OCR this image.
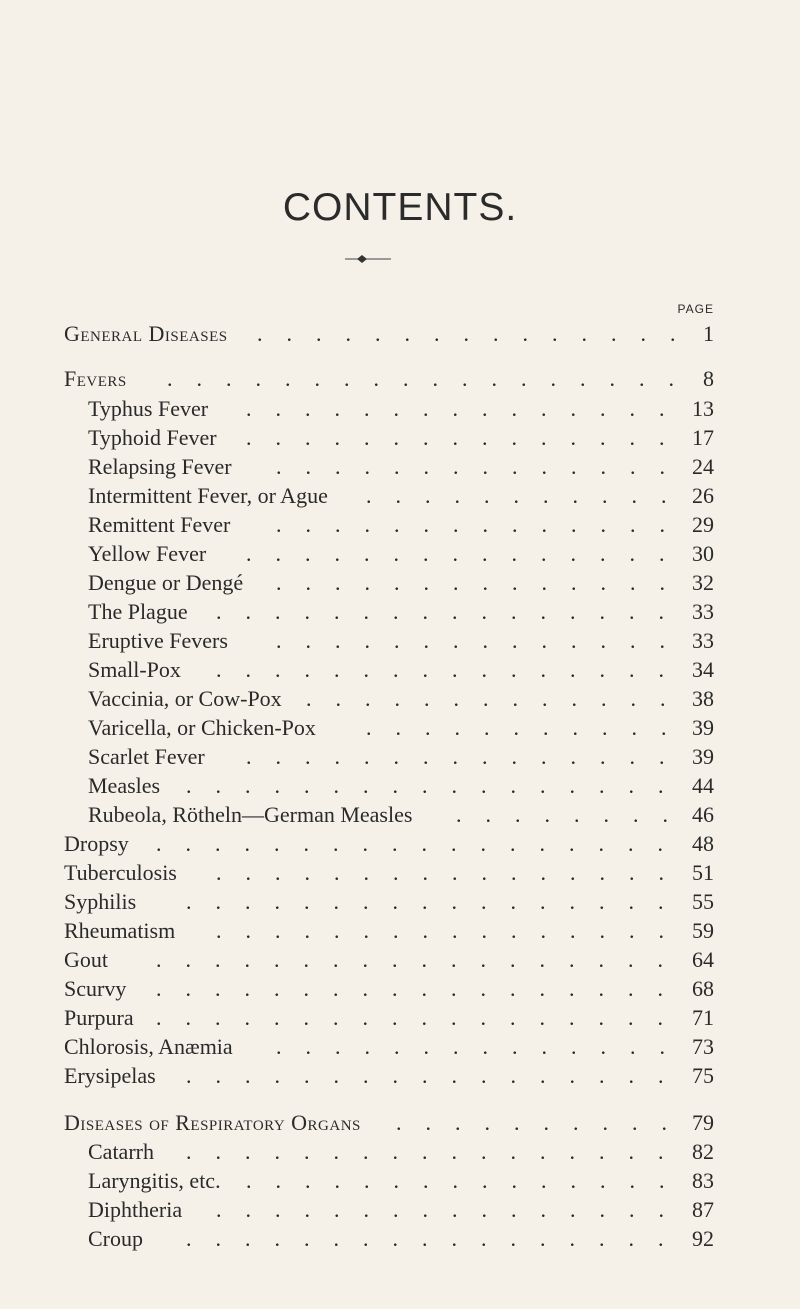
CONTENTS.
PAGE
General Diseases	1
...............
Fevers	8
..................
Typhus Fever	13
...............
Typhoid Fever	17
...............
Relapsing Fever	24
..............
Intermittent Fever, or Ague	26
...........
Remittent Fever	29
..............
Yellow Fever	30
...............
Dengue or Dengé	32
..............
The Plague	33
................
Eruptive Fevers	33
..............
Small-Pox	34
................
Vaccinia, or Cow-Pox	38
.............
Varicella, or Chicken-Pox	39
...........
Scarlet Fever	39
...............
Measles	44
.................
Rubeola, Rötheln—German Measles	46
........
Dropsy	48
..................
Tuberculosis	51
................
Syphilis	55
.................
Rheumatism	59
................
Gout	64
..................
Scurvy	68
..................
Purpura	71
..................
Chlorosis, Anæmia	73
..............
Erysipelas	75
.................
Diseases of Respiratory Organs	79
..........
Catarrh	82
.................
Laryngitis, etc.	83
...............
Diphtheria	87
................
Croup	92
.................
